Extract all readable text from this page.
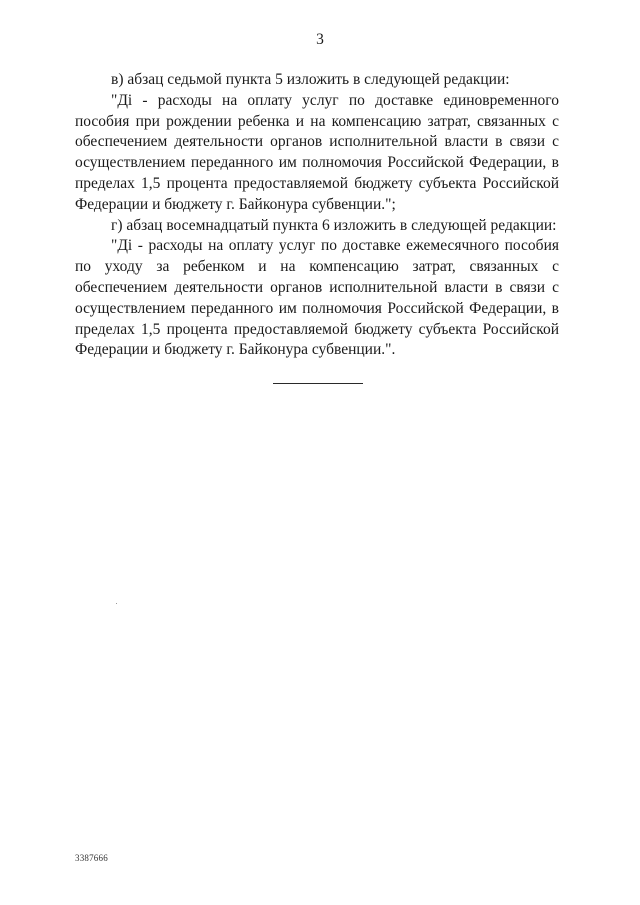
3

в) абзац седьмой пункта 5 изложить в следующей редакции:

"Дi - расходы на оплату услуг по доставке единовременного пособия при рождении ребенка и на компенсацию затрат, связанных с обеспечением деятельности органов исполнительной власти в связи с осуществлением переданного им полномочия Российской Федерации, в пределах 1,5 процента предоставляемой бюджету субъекта Российской Федерации и бюджету г. Байконура субвенции.";

г) абзац восемнадцатый пункта 6 изложить в следующей редакции:

"Дi - расходы на оплату услуг по доставке ежемесячного пособия по уходу за ребенком и на компенсацию затрат, связанных с обеспечением деятельности органов исполнительной власти в связи с осуществлением переданного им полномочия Российской Федерации, в пределах 1,5 процента предоставляемой бюджету субъекта Российской Федерации и бюджету г. Байконура субвенции.".

3387666
